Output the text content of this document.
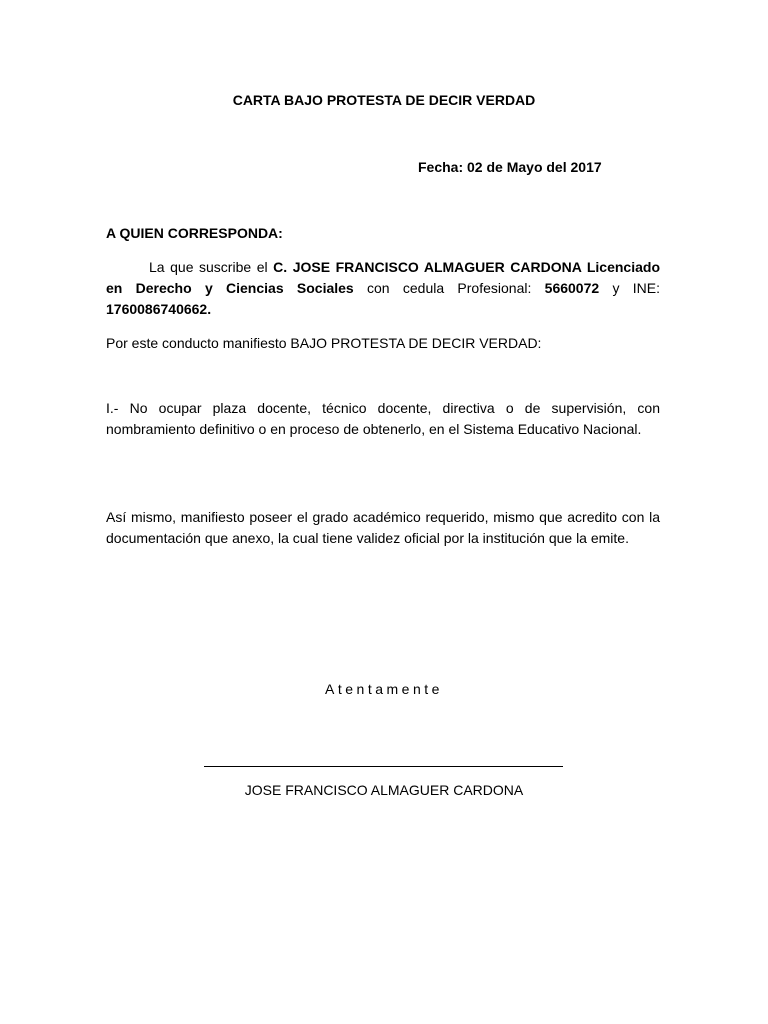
CARTA BAJO PROTESTA DE DECIR VERDAD
Fecha: 02 de Mayo del 2017
A QUIEN CORRESPONDA:
La que suscribe el C. JOSE FRANCISCO ALMAGUER CARDONA Licenciado en Derecho y Ciencias Sociales con cedula Profesional: 5660072 y INE: 1760086740662.
Por este conducto manifiesto BAJO PROTESTA DE DECIR VERDAD:
I.- No ocupar plaza docente, técnico docente, directiva o de supervisión, con nombramiento definitivo o en proceso de obtenerlo, en el Sistema Educativo Nacional.
Así mismo, manifiesto poseer el grado académico requerido, mismo que acredito con la documentación que anexo, la cual tiene validez oficial por la institución que la emite.
Atentamente
JOSE FRANCISCO ALMAGUER CARDONA
